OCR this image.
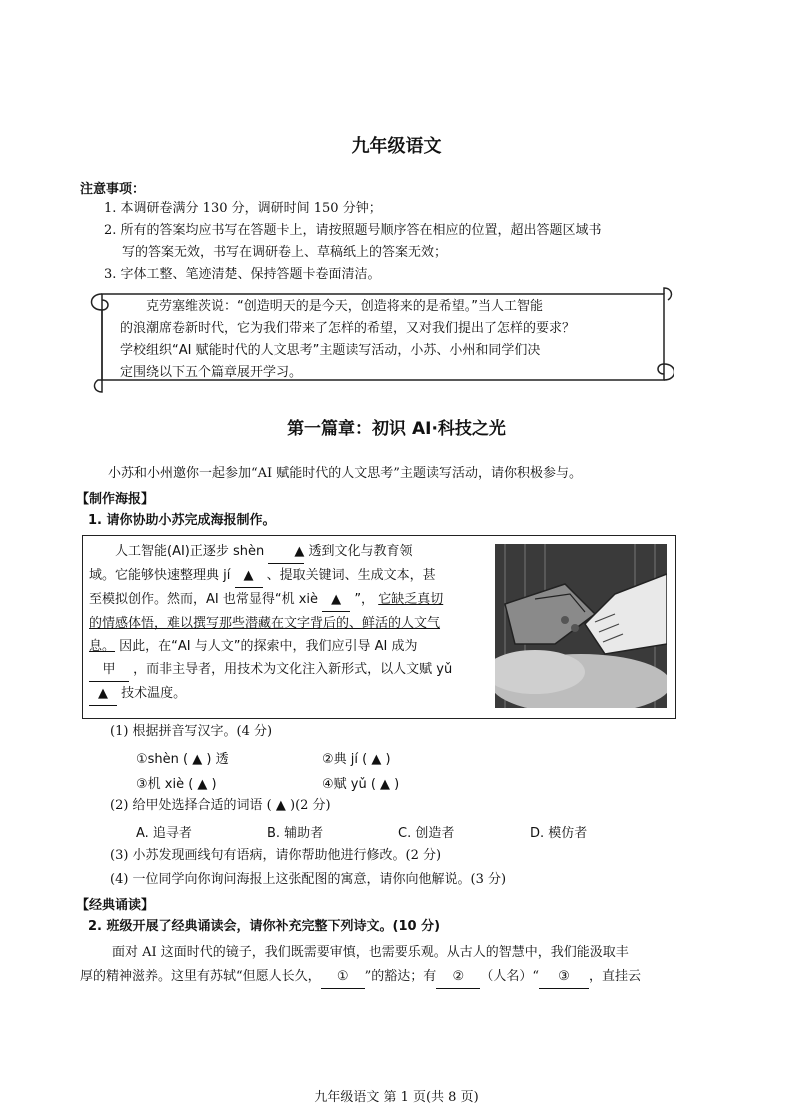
九年级语文
注意事项：
1. 本调研卷满分 130 分，调研时间 150 分钟；
2. 所有的答案均应书写在答题卡上，请按照题号顺序答在相应的位置，超出答题区域书
写的答案无效，书写在调研卷上、草稿纸上的答案无效；
3. 字体工整、笔迹清楚、保持答题卡卷面清洁。
克劳塞维茨说：“创造明天的是今天，创造将来的是希望。”当人工智能
的浪潮席卷新时代，它为我们带来了怎样的希望，又对我们提出了怎样的要求？
学校组织“AI 赋能时代的人文思考”主题读写活动，小苏、小州和同学们决
定围绕以下五个篇章展开学习。
第一篇章：初识 AI·科技之光
小苏和小州邀你一起参加“AI 赋能时代的人文思考”主题读写活动，请你积极参与。
【制作海报】
1. 请你协助小苏完成海报制作。
人工智能(AI)正逐步 shèn ▲ 透到文化与教育领
域。它能够快速整理典 jí ▲ 、提取关键词、生成文本，甚
至模拟创作。然而，AI 也常显得“机 xiè ▲ ”， 它缺乏真切
的情感体悟，难以撰写那些潜藏在文字背后的、鲜活的人文气
息。 因此，在“AI 与人文”的探索中，我们应引导 AI 成为
甲 ，而非主导者，用技术为文化注入新形式，以人文赋 yǔ
▲ 技术温度。
(1) 根据拼音写汉字。(4 分)
①shèn ( ▲ ) 透	②典 jí ( ▲ )
③机 xiè ( ▲ )	④赋 yǔ ( ▲ )
(2) 给甲处选择合适的词语 ( ▲ )(2 分)
A. 追寻者	B. 辅助者	C. 创造者	D. 模仿者
(3) 小苏发现画线句有语病，请你帮助他进行修改。(2 分)
(4) 一位同学向你询问海报上这张配图的寓意，请你向他解说。(3 分)
【经典诵读】
2. 班级开展了经典诵读会，请你补充完整下列诗文。(10 分)
面对 AI 这面时代的镜子，我们既需要审慎，也需要乐观。从古人的智慧中，我们能汲取丰
厚的精神滋养。这里有苏轼“但愿人长久， ① ”的豁达；有 ② （人名）“ ③ ，直挂云
九年级语文 第 1 页(共 8 页)
